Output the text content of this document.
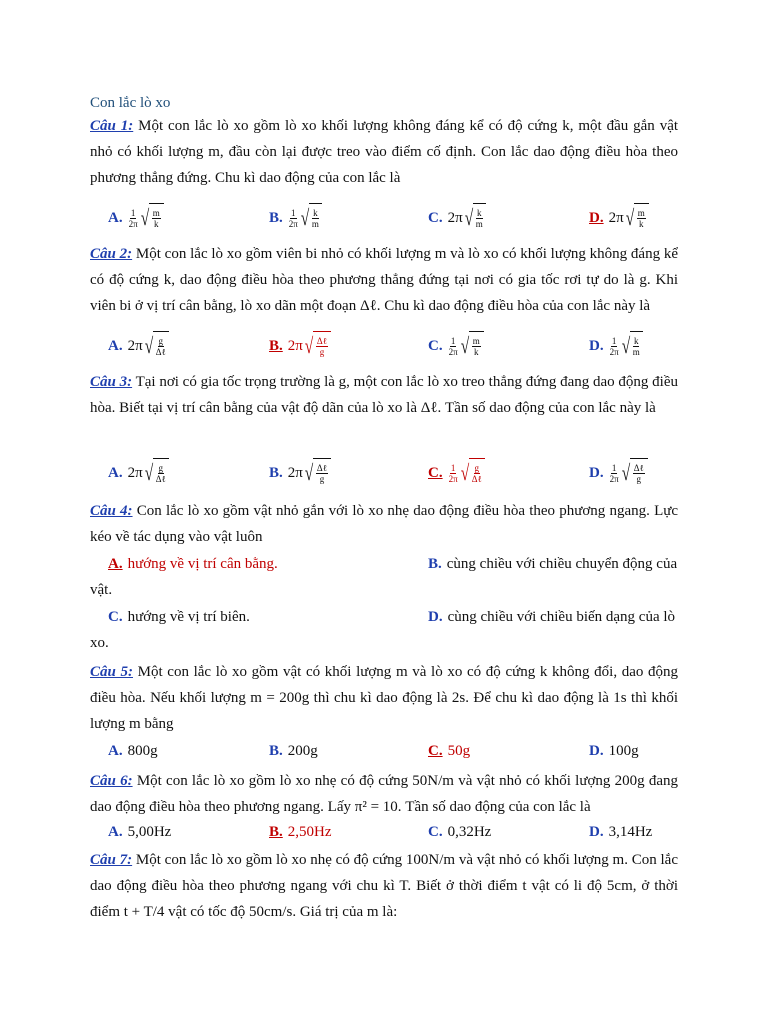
Con lắc lò xo
Câu 1: Một con lắc lò xo gồm lò xo khối lượng không đáng kể có độ cứng k, một đầu gắn vật nhỏ có khối lượng m, đầu còn lại được treo vào điểm cố định. Con lắc dao động điều hòa theo phương thẳng đứng. Chu kì dao động của con lắc là
A. $\frac{1}{2\pi}$ √ $\frac{m}{k}$	B. $\frac{1}{2\pi}$ √ $\frac{k}{m}$	C. 2π √ $\frac{k}{m}$	D. 2π √ $\frac{m}{k}$
Câu 2: Một con lắc lò xo gồm viên bi nhỏ có khối lượng m và lò xo có khối lượng không đáng kể có độ cứng k, dao động điều hòa theo phương thẳng đứng tại nơi có gia tốc rơi tự do là g. Khi viên bi ở vị trí cân bằng, lò xo dãn một đoạn Δℓ. Chu kì dao động điều hòa của con lắc này là
A. 2π √ $\frac{g}{\text{Δℓ}}$	B. 2π √ $\frac{\text{Δℓ}}{g}$	C. $\frac{1}{2\pi}$ √ $\frac{m}{k}$	D. $\frac{1}{2\pi}$ √ $\frac{k}{m}$
Câu 3: Tại nơi có gia tốc trọng trường là g, một con lắc lò xo treo thẳng đứng đang dao động điều hòa. Biết tại vị trí cân bằng của vật độ dãn của lò xo là Δℓ. Tần số dao động của con lắc này là
A. 2π √ $\frac{g}{\text{Δℓ}}$	B. 2π √ $\frac{\text{Δℓ}}{g}$	C. $\frac{1}{2\pi}$ √ $\frac{g}{\text{Δℓ}}$	D. $\frac{1}{2\pi}$ √ $\frac{\text{Δℓ}}{g}$
Câu 4: Con lắc lò xo gồm vật nhỏ gắn với lò xo nhẹ dao động điều hòa theo phương ngang. Lực kéo về tác dụng vào vật luôn
A. hướng về vị trí cân bằng.	B. cùng chiều với chiều chuyển động của
vật.
C. hướng về vị trí biên.	D. cùng chiều với chiều biến dạng của lò
xo.
Câu 5: Một con lắc lò xo gồm vật có khối lượng m và lò xo có độ cứng k không đổi, dao động điều hòa. Nếu khối lượng m = 200g thì chu kì dao động là 2s. Để chu kì dao động là 1s thì khối lượng m bằng
A. 800g	B. 200g	C. 50g	D. 100g
Câu 6: Một con lắc lò xo gồm lò xo nhẹ có độ cứng 50N/m và vật nhỏ có khối lượng 200g đang dao động điều hòa theo phương ngang. Lấy π² = 10. Tần số dao động của con lắc là
A. 5,00Hz	B. 2,50Hz	C. 0,32Hz	D. 3,14Hz
Câu 7: Một con lắc lò xo gồm lò xo nhẹ có độ cứng 100N/m và vật nhỏ có khối lượng m. Con lắc dao động điều hòa theo phương ngang với chu kì T. Biết ở thời điểm t vật có li độ 5cm, ở thời điểm t + T/4 vật có tốc độ 50cm/s. Giá trị của m là:
